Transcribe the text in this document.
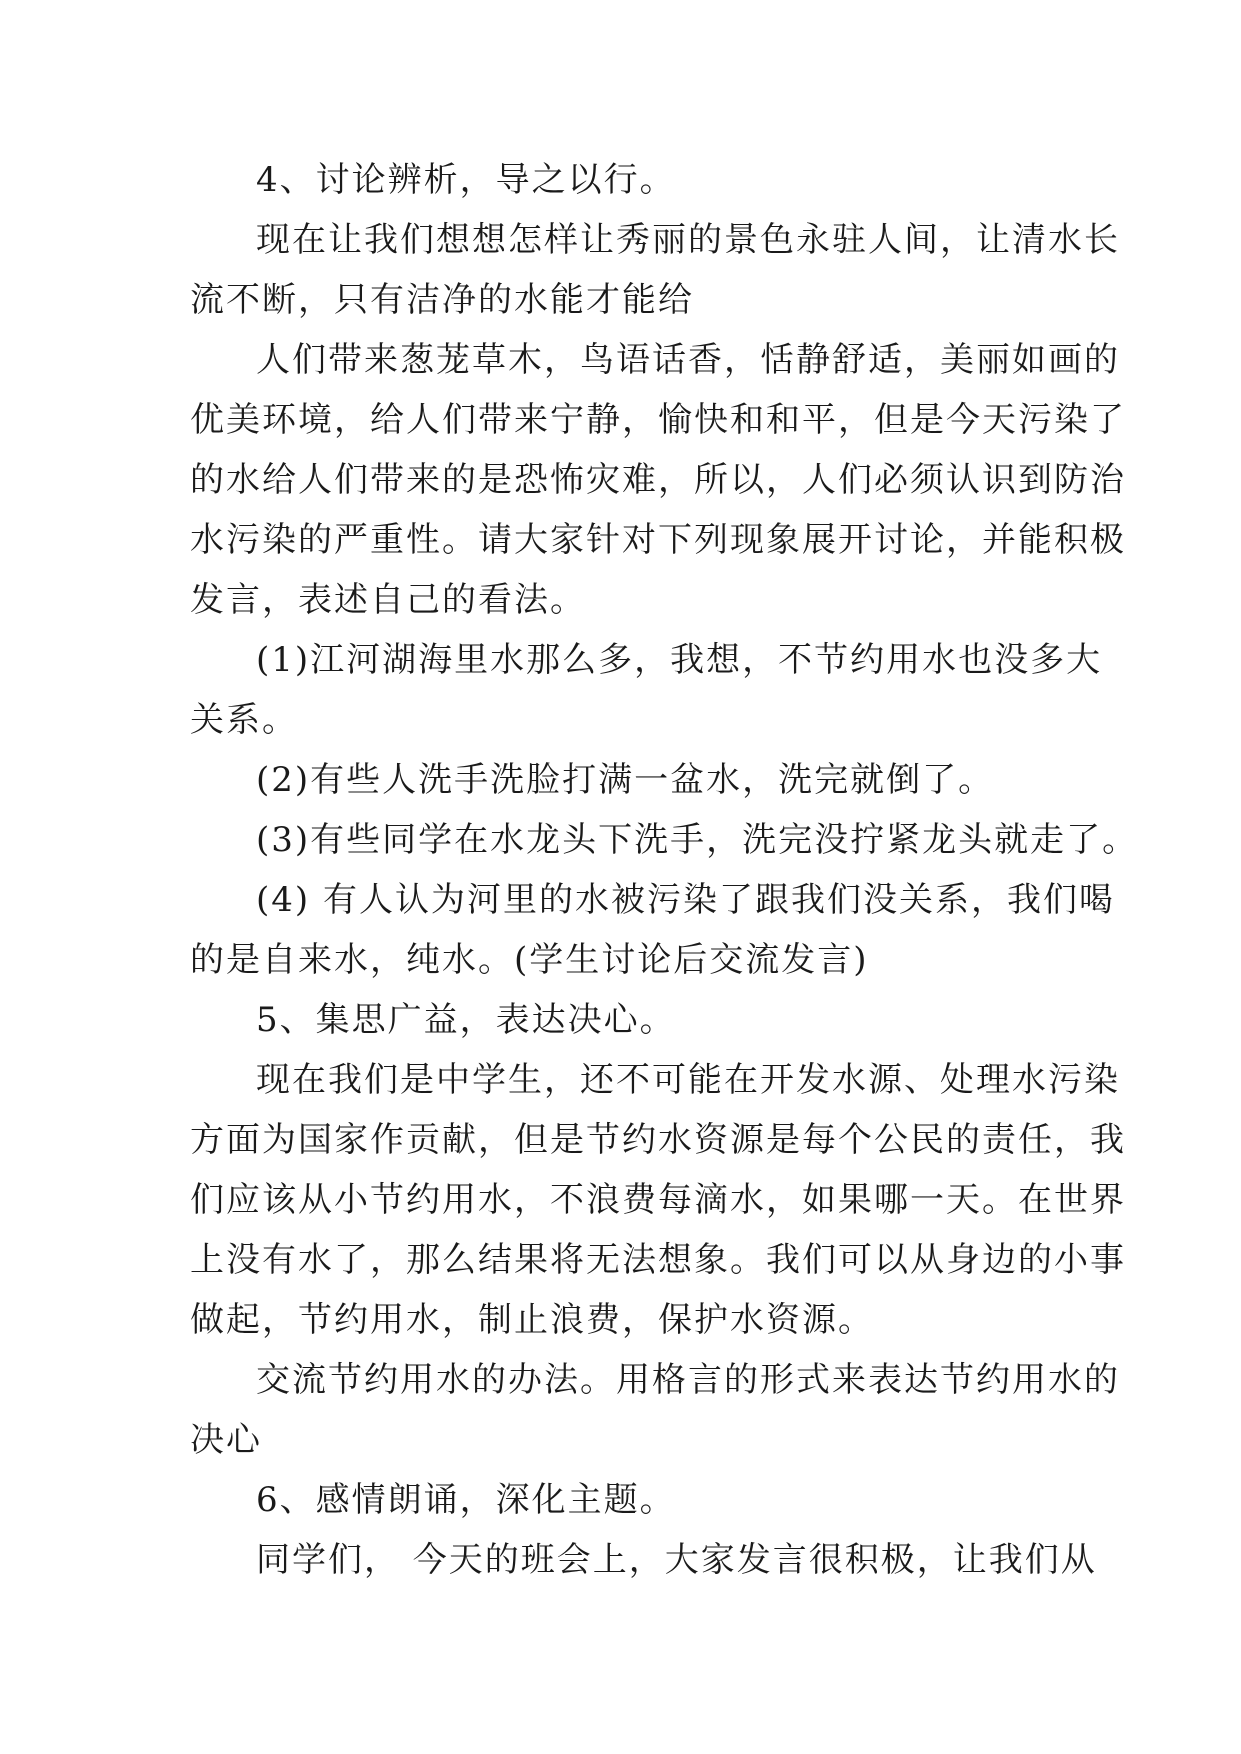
4、讨论辨析，导之以行。
现在让我们想想怎样让秀丽的景色永驻人间，让清水长
流不断，只有洁净的水能才能给
人们带来葱茏草木，鸟语话香，恬静舒适，美丽如画的
优美环境，给人们带来宁静，愉快和和平，但是今天污染了
的水给人们带来的是恐怖灾难，所以，人们必须认识到防治
水污染的严重性。请大家针对下列现象展开讨论，并能积极
发言，表述自己的看法。
(1)江河湖海里水那么多，我想，不节约用水也没多大
关系。
(2)有些人洗手洗脸打满一盆水，洗完就倒了。
(3)有些同学在水龙头下洗手，洗完没拧紧龙头就走了。
(4) 有人认为河里的水被污染了跟我们没关系，我们喝
的是自来水，纯水。(学生讨论后交流发言)
5、集思广益，表达决心。
现在我们是中学生，还不可能在开发水源、处理水污染
方面为国家作贡献，但是节约水资源是每个公民的责任，我
们应该从小节约用水，不浪费每滴水，如果哪一天。在世界
上没有水了，那么结果将无法想象。我们可以从身边的小事
做起，节约用水，制止浪费，保护水资源。
交流节约用水的办法。用格言的形式来表达节约用水的
决心
6、感情朗诵，深化主题。
同学们， 今天的班会上，大家发言很积极，让我们从
